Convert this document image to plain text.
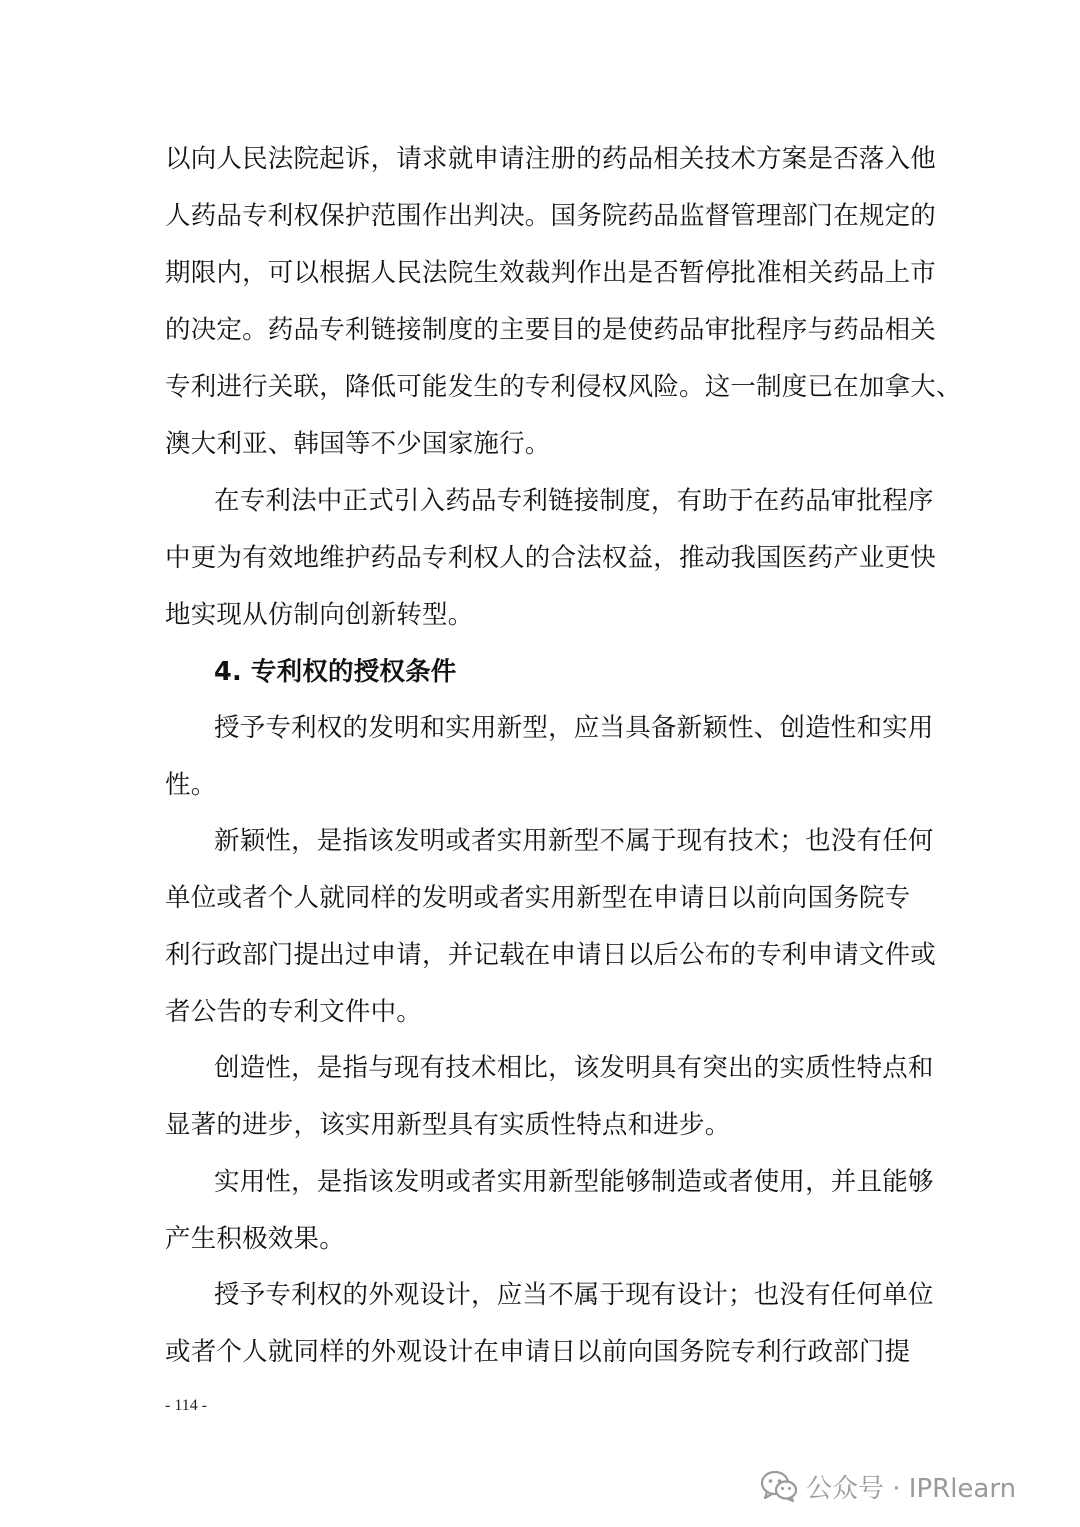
以向人民法院起诉，请求就申请注册的药品相关技术方案是否落入他
人药品专利权保护范围作出判决。国务院药品监督管理部门在规定的
期限内，可以根据人民法院生效裁判作出是否暂停批准相关药品上市
的决定。药品专利链接制度的主要目的是使药品审批程序与药品相关
专利进行关联，降低可能发生的专利侵权风险。这一制度已在加拿大、
澳大利亚、韩国等不少国家施行。
在专利法中正式引入药品专利链接制度，有助于在药品审批程序
中更为有效地维护药品专利权人的合法权益，推动我国医药产业更快
地实现从仿制向创新转型。
4. 专利权的授权条件
授予专利权的发明和实用新型，应当具备新颖性、创造性和实用
性。
新颖性，是指该发明或者实用新型不属于现有技术；也没有任何
单位或者个人就同样的发明或者实用新型在申请日以前向国务院专
利行政部门提出过申请，并记载在申请日以后公布的专利申请文件或
者公告的专利文件中。
创造性，是指与现有技术相比，该发明具有突出的实质性特点和
显著的进步，该实用新型具有实质性特点和进步。
实用性，是指该发明或者实用新型能够制造或者使用，并且能够
产生积极效果。
授予专利权的外观设计，应当不属于现有设计；也没有任何单位
或者个人就同样的外观设计在申请日以前向国务院专利行政部门提
- 114 -
公众号 · IPRlearn
